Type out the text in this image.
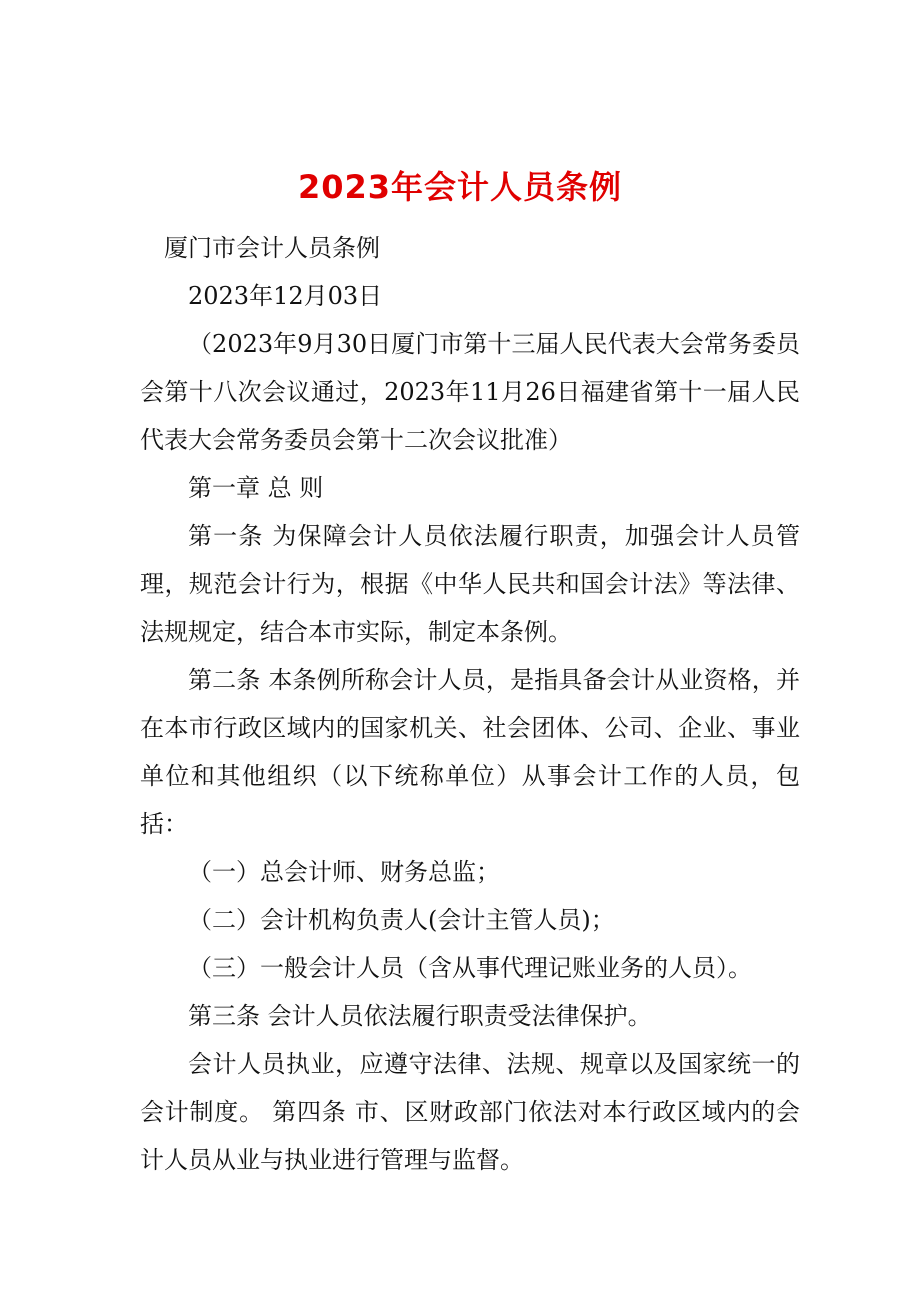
2023年会计人员条例

厦门市会计人员条例

2023年12月03日

（2023年9月30日厦门市第十三届人民代表大会常务委员会第十八次会议通过，2023年11月26日福建省第十一届人民代表大会常务委员会第十二次会议批准）

第一章 总 则

第一条 为保障会计人员依法履行职责，加强会计人员管理，规范会计行为，根据《中华人民共和国会计法》等法律、法规规定，结合本市实际，制定本条例。

第二条 本条例所称会计人员，是指具备会计从业资格，并在本市行政区域内的国家机关、社会团体、公司、企业、事业单位和其他组织（以下统称单位）从事会计工作的人员，包括：

（一）总会计师、财务总监；

（二）会计机构负责人(会计主管人员)；

（三）一般会计人员（含从事代理记账业务的人员）。

第三条 会计人员依法履行职责受法律保护。

会计人员执业，应遵守法律、法规、规章以及国家统一的会计制度。 第四条 市、区财政部门依法对本行政区域内的会计人员从业与执业进行管理与监督。
